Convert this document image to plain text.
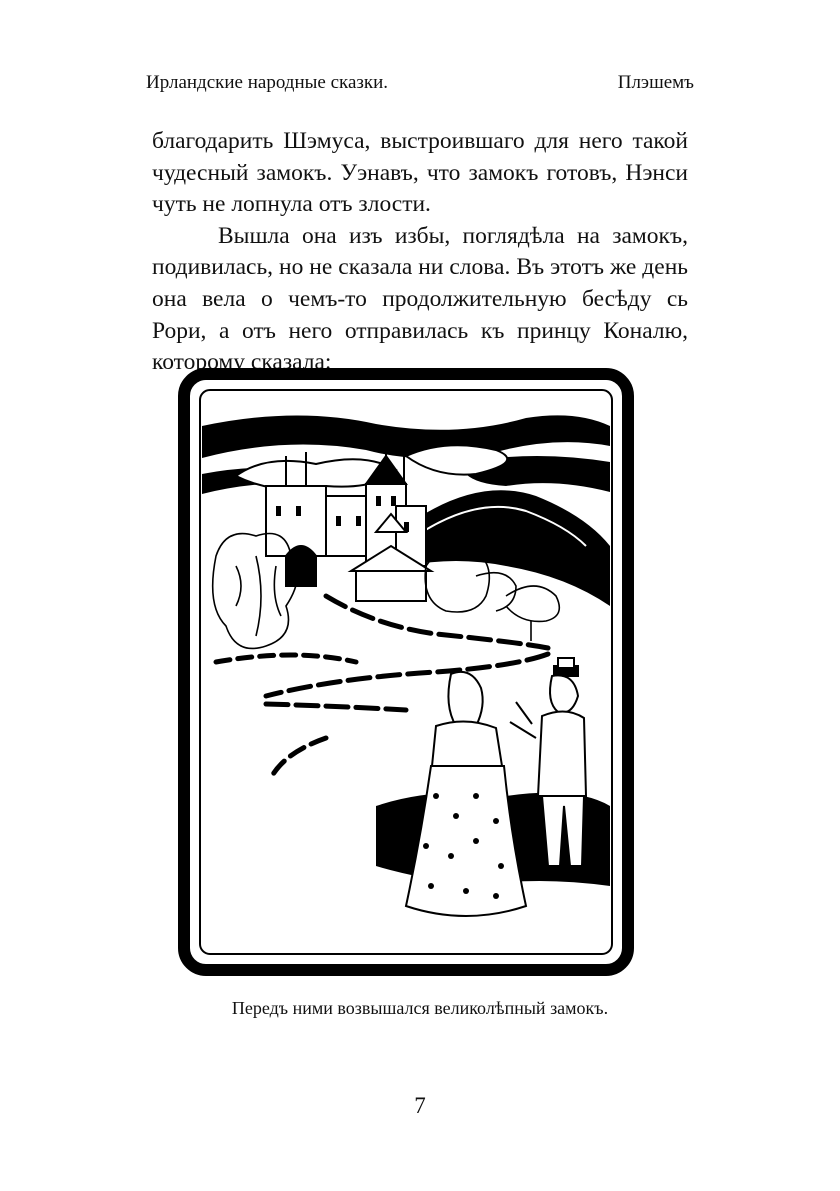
Ирландские народные сказки.	Плэшемъ

благодарить Шэмуса, выстроившаго для него такой чудесный замокъ. Уэнавъ, что замокъ готовъ, Нэнси чуть не лопнула отъ злости.

Вышла она изъ избы, поглядѣла на замокъ, подивилась, но не сказала ни слова. Въ этотъ же день она вела о чемъ-то продолжительную бесѣду сь Рори, а отъ него отправилась къ принцу Коналю, которому сказала:

Передъ ними возвышался великолѣпный замокъ.
7
